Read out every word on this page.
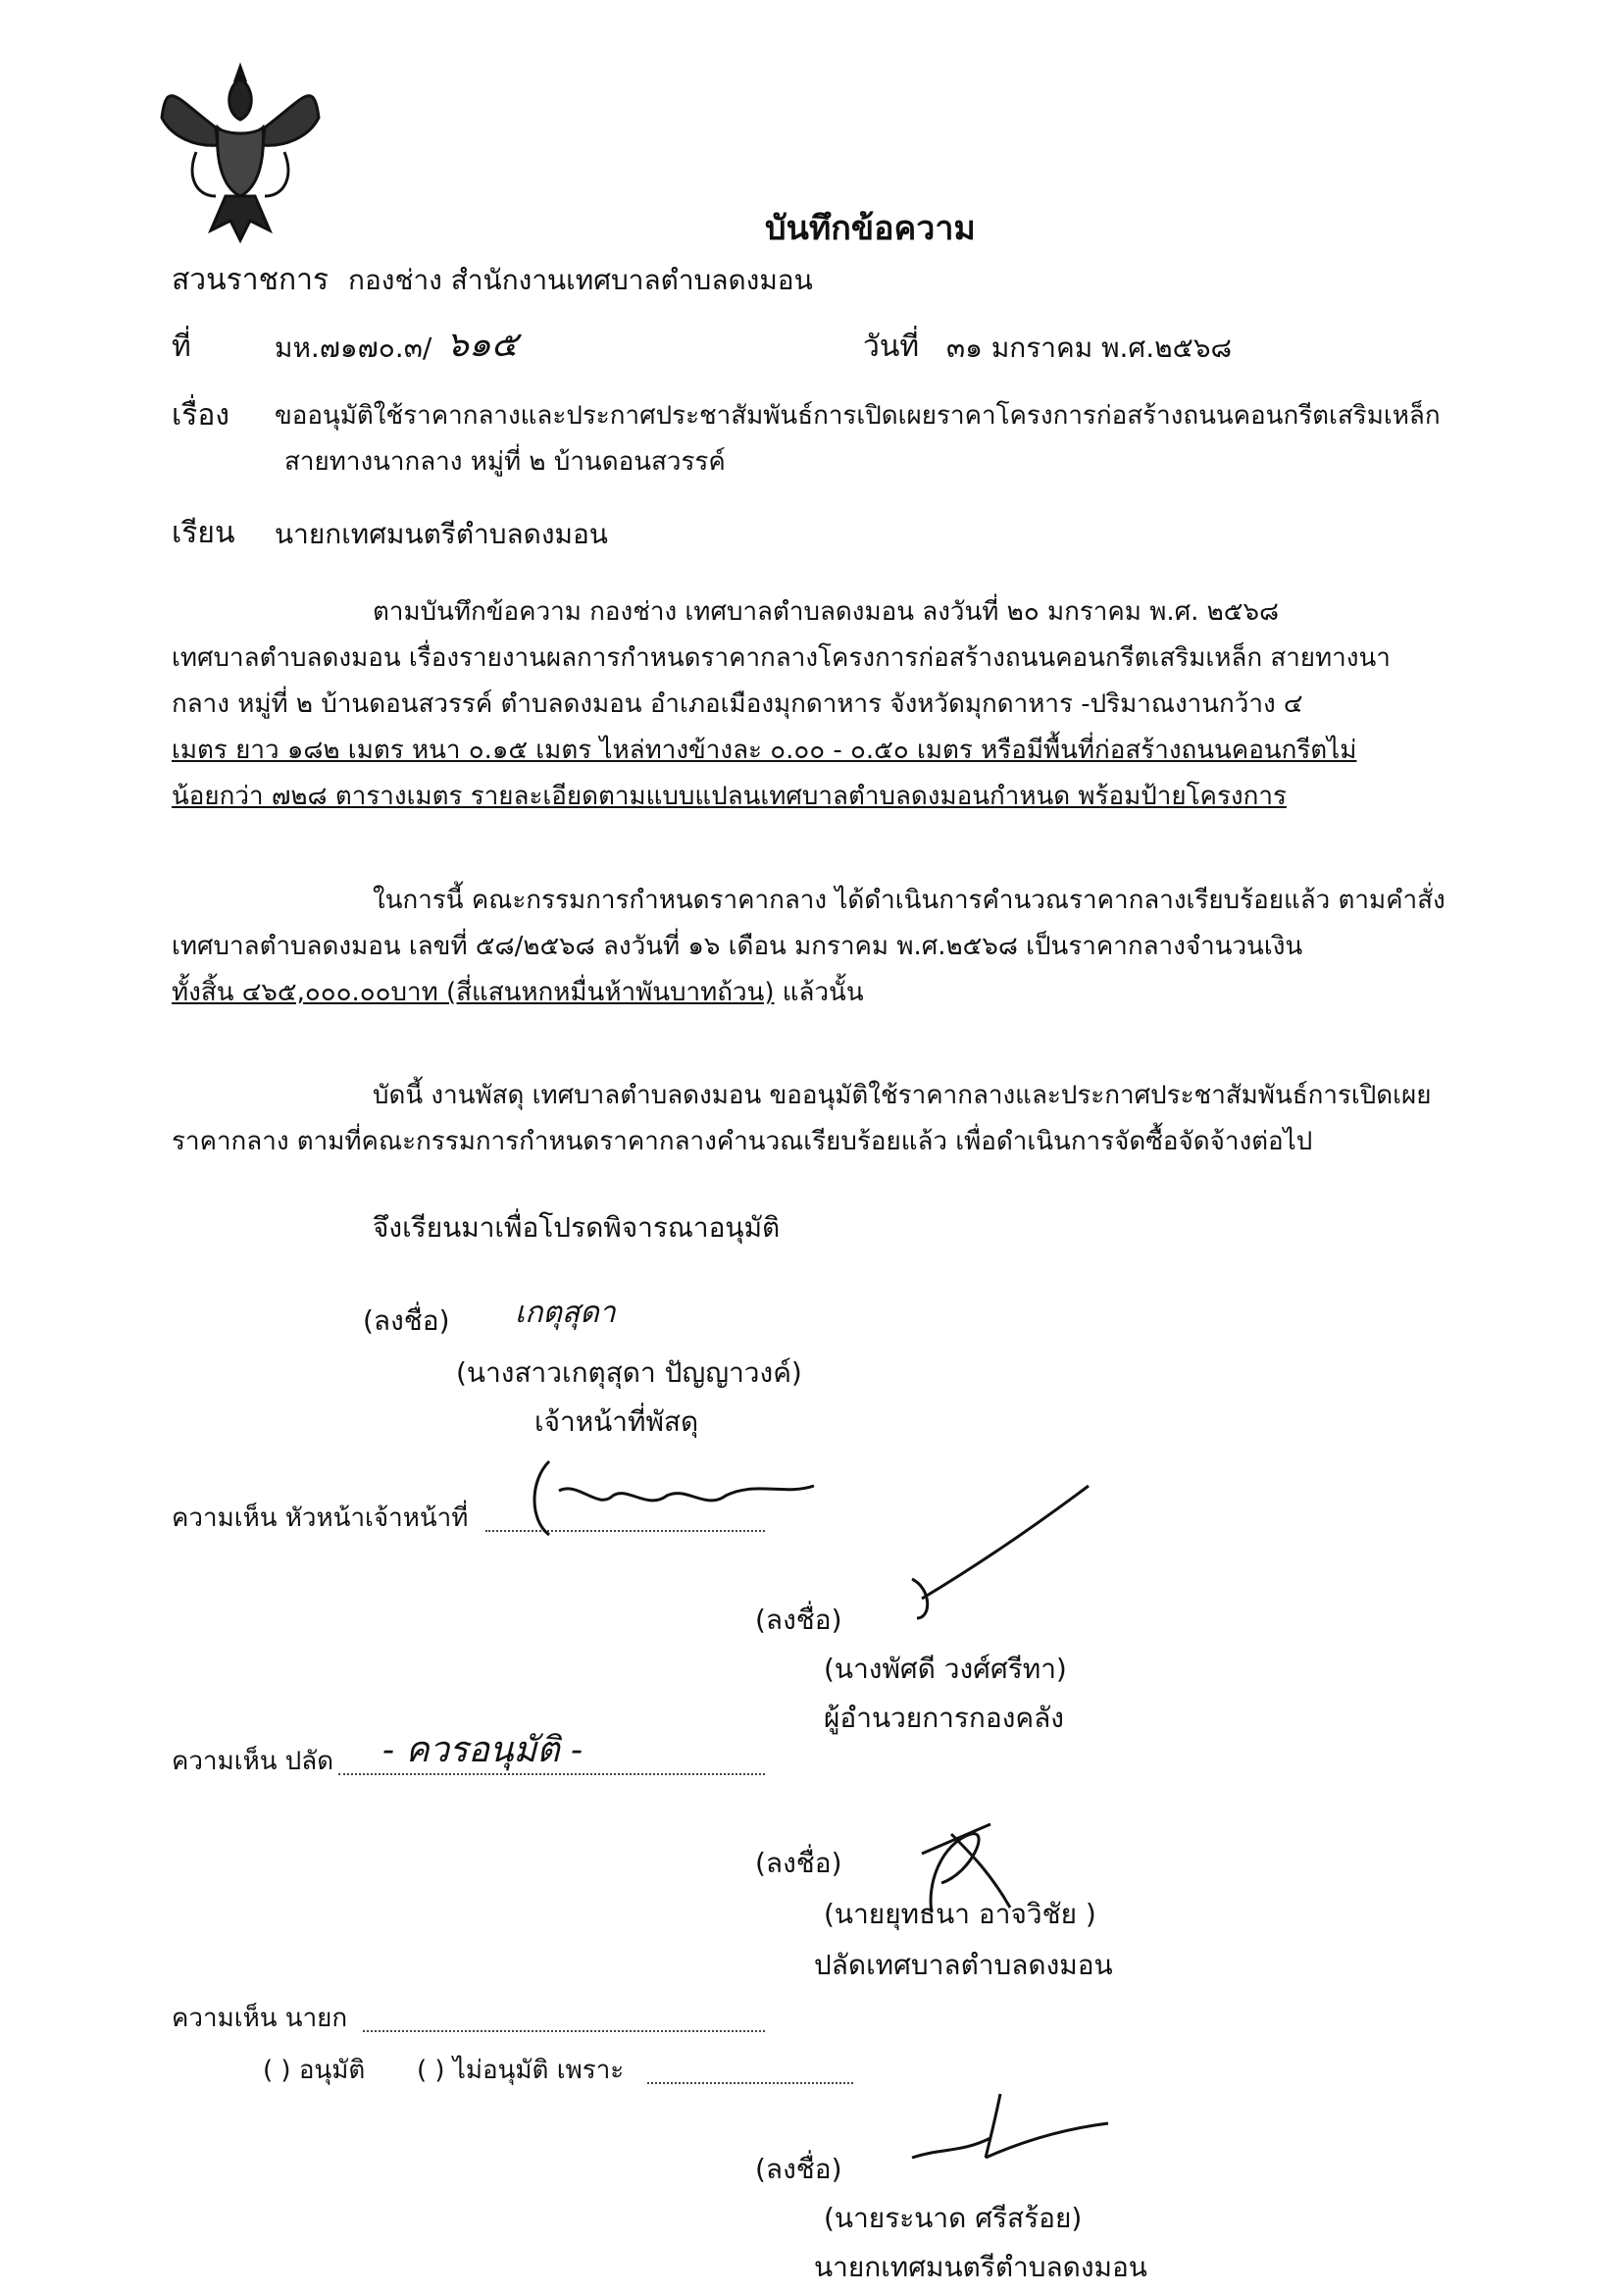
บันทึกข้อความ
สวนราชการ กองช่าง สำนักงานเทศบาลตำบลดงมอน
ที่	มห.๗๑๗๐.๓/ ๖๑๕	วันที่ ๓๑ มกราคม พ.ศ.๒๕๖๘
เรื่อง ขออนุมัติใช้ราคากลางและประกาศประชาสัมพันธ์การเปิดเผยราคาโครงการก่อสร้างถนนคอนกรีตเสริมเหล็ก
สายทางนากลาง หมู่ที่ ๒ บ้านดอนสวรรค์
เรียน นายกเทศมนตรีตำบลดงมอน
ตามบันทึกข้อความ กองช่าง เทศบาลตำบลดงมอน ลงวันที่ ๒๐ มกราคม พ.ศ. ๒๕๖๘
เทศบาลตำบลดงมอน เรื่องรายงานผลการกำหนดราคากลางโครงการก่อสร้างถนนคอนกรีตเสริมเหล็ก สายทางนา
กลาง หมู่ที่ ๒ บ้านดอนสวรรค์ ตำบลดงมอน อำเภอเมืองมุกดาหาร จังหวัดมุกดาหาร -ปริมาณงานกว้าง ๔
เมตร ยาว ๑๘๒ เมตร หนา ๐.๑๕ เมตร ไหล่ทางข้างละ ๐.๐๐ - ๐.๕๐ เมตร หรือมีพื้นที่ก่อสร้างถนนคอนกรีตไม่
น้อยกว่า ๗๒๘ ตารางเมตร รายละเอียดตามแบบแปลนเทศบาลตำบลดงมอนกำหนด พร้อมป้ายโครงการ
ในการนี้ คณะกรรมการกำหนดราคากลาง ได้ดำเนินการคำนวณราคากลางเรียบร้อยแล้ว ตามคำสั่ง
เทศบาลตำบลดงมอน เลขที่ ๕๘/๒๕๖๘ ลงวันที่ ๑๖ เดือน มกราคม พ.ศ.๒๕๖๘ เป็นราคากลางจำนวนเงิน
ทั้งสิ้น ๔๖๕,๐๐๐.๐๐บาท (สี่แสนหกหมื่นห้าพันบาทถ้วน) แล้วนั้น
บัดนี้ งานพัสดุ เทศบาลตำบลดงมอน ขออนุมัติใช้ราคากลางและประกาศประชาสัมพันธ์การเปิดเผย
ราคากลาง ตามที่คณะกรรมการกำหนดราคากลางคำนวณเรียบร้อยแล้ว เพื่อดำเนินการจัดซื้อจัดจ้างต่อไป
จึงเรียนมาเพื่อโปรดพิจารณาอนุมัติ
(ลงชื่อ) เกตุสุดา
(นางสาวเกตุสุดา ปัญญาวงค์)
เจ้าหน้าที่พัสดุ
ความเห็น หัวหน้าเจ้าหน้าที่
(ลงชื่อ)
(นางพัศดี วงศ์ศรีทา)
ผู้อำนวยการกองคลัง
ความเห็น ปลัด - ควรอนุมัติ -
(ลงชื่อ)
(นายยุทธนา อาจวิชัย )
ปลัดเทศบาลตำบลดงมอน
ความเห็น นายก
( ) อนุมัติ ( ) ไม่อนุมัติ เพราะ
(ลงชื่อ)
(นายระนาด ศรีสร้อย)
นายกเทศมนตรีตำบลดงมอน
